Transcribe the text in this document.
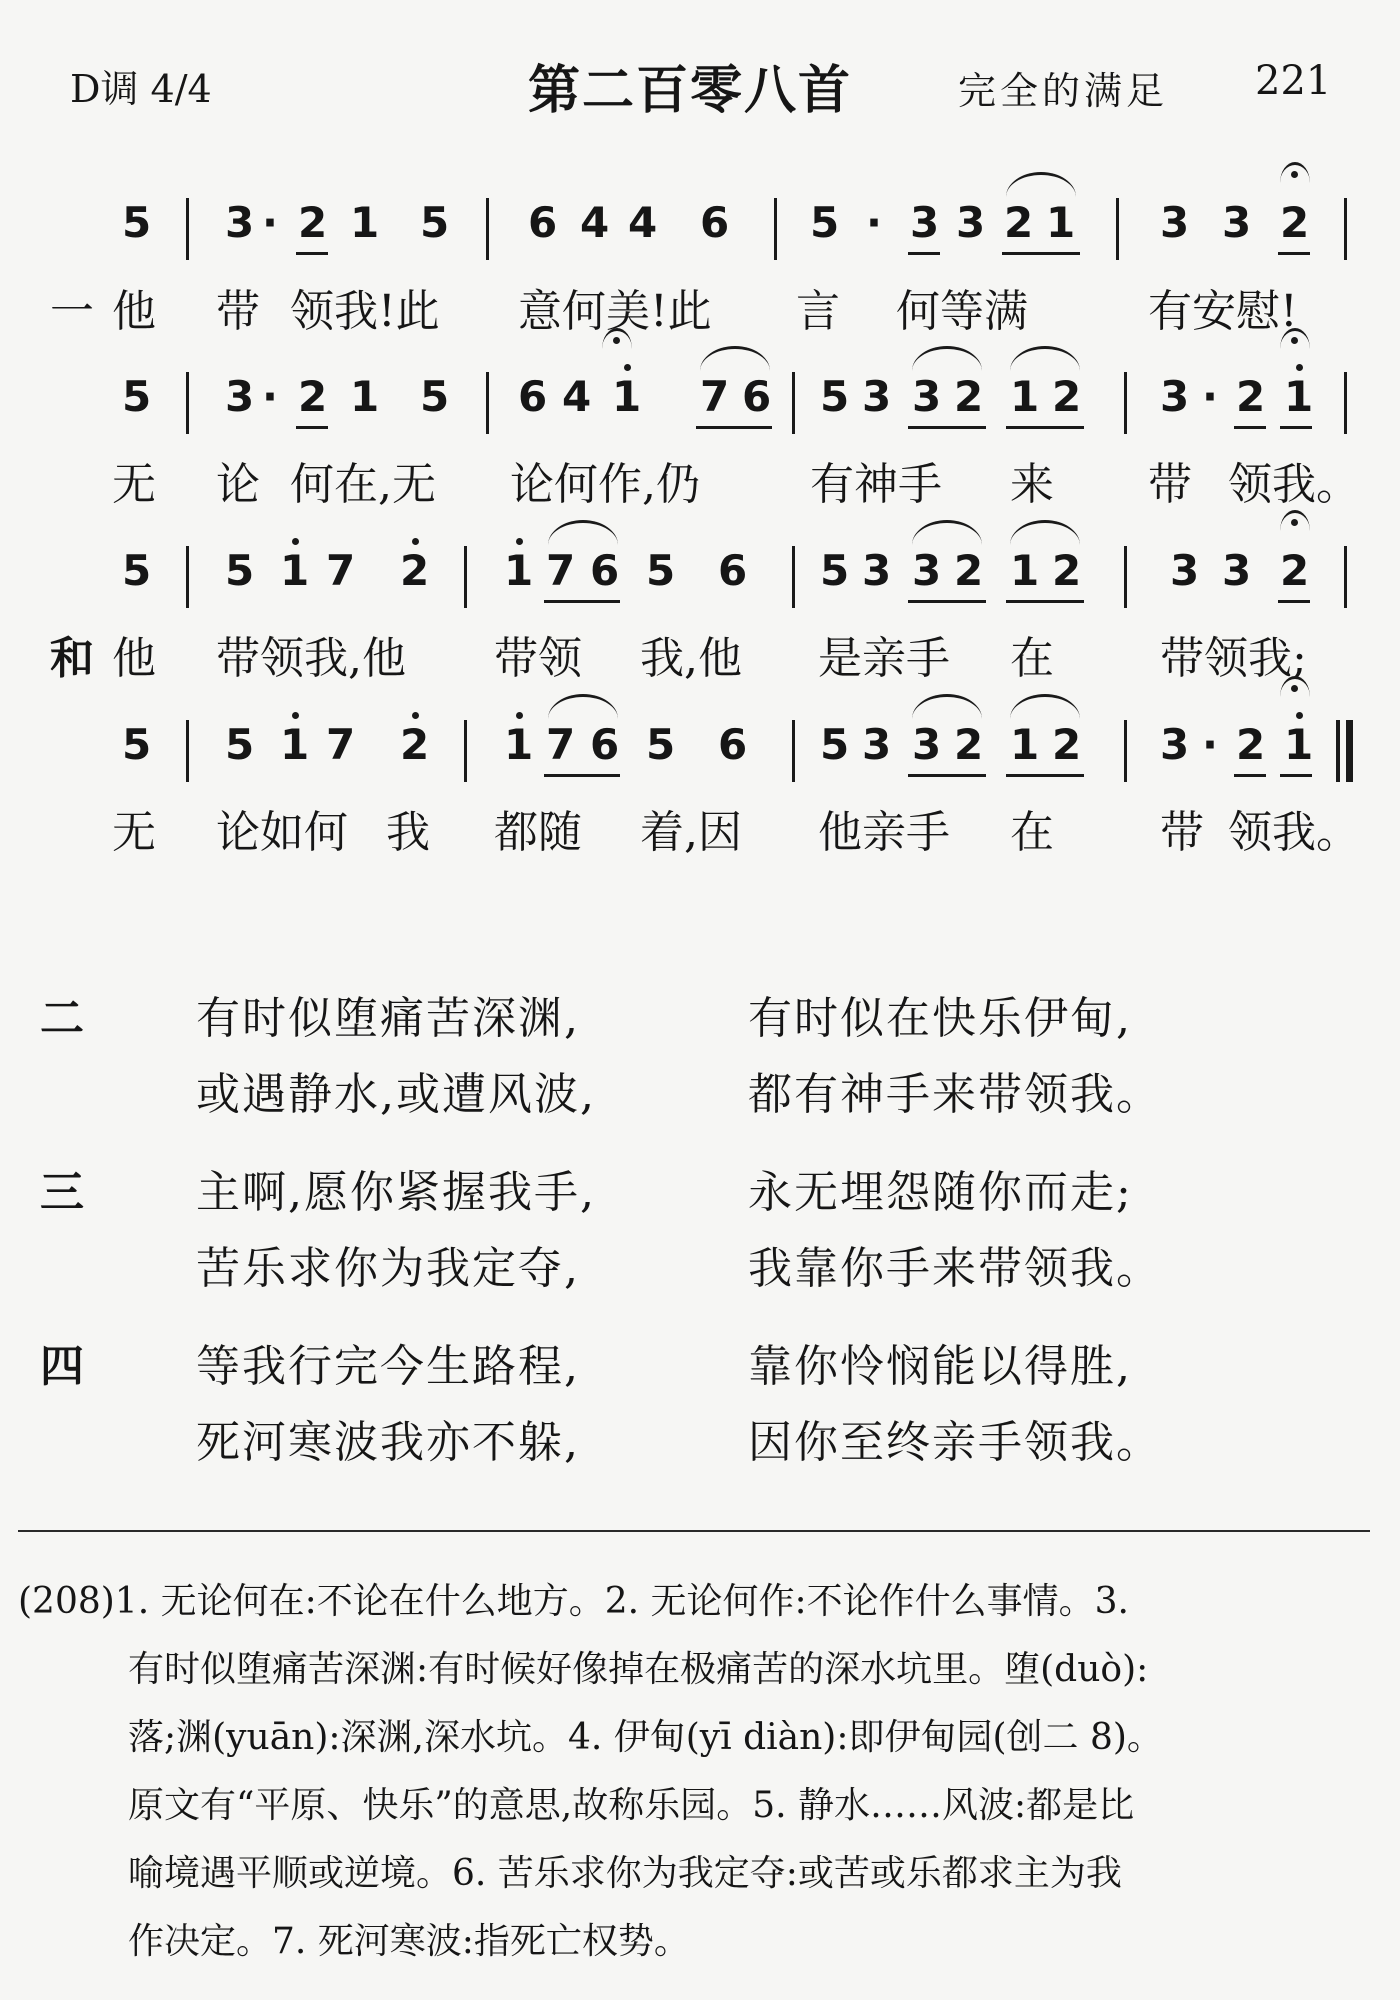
D调 4/4	第二百零八首	完全的满足 221
5 3 · 2 1 5 6 4 4 6 5 · 3 3 2 1 3 3 2
一 他 带 领我!此 意何美!此 言 何等满	有安慰!
5 3 · 2 1 5 6 4 1 7 6 5 3 3 2 1 2 3 · 2 1
无 论 何在,无 论何作,仍	有神手 来 带 领我。
5 5 1 7 2 1 7 6 5 6 5 3 3 2 1 2 3 3 2
和 他 带领我,他 带领 我,他 是亲手 在 带领我;
5 5 1 7 2 1 7 6 5 6 5 3 3 2 1 2 3 · 2 1
无 论如何 我 都随 着,因 他亲手 在 带 领我。
二	有时似堕痛苦深渊,	有时似在快乐伊甸,
或遇静水,或遭风波,	都有神手来带领我。
三	主啊,愿你紧握我手,	永无埋怨随你而走;
苦乐求你为我定夺,	我靠你手来带领我。
四	等我行完今生路程,	靠你怜悯能以得胜,
死河寒波我亦不躲,	因你至终亲手领我。
(208)1. 无论何在:不论在什么地方。2. 无论何作:不论作什么事情。3.
有时似堕痛苦深渊:有时候好像掉在极痛苦的深水坑里。堕(duò):
落;渊(yuān):深渊,深水坑。4. 伊甸(yī diàn):即伊甸园(创二 8)。
原文有“平原、快乐”的意思,故称乐园。5. 静水……风波:都是比
喻境遇平顺或逆境。6. 苦乐求你为我定夺:或苦或乐都求主为我
作决定。7. 死河寒波:指死亡权势。
